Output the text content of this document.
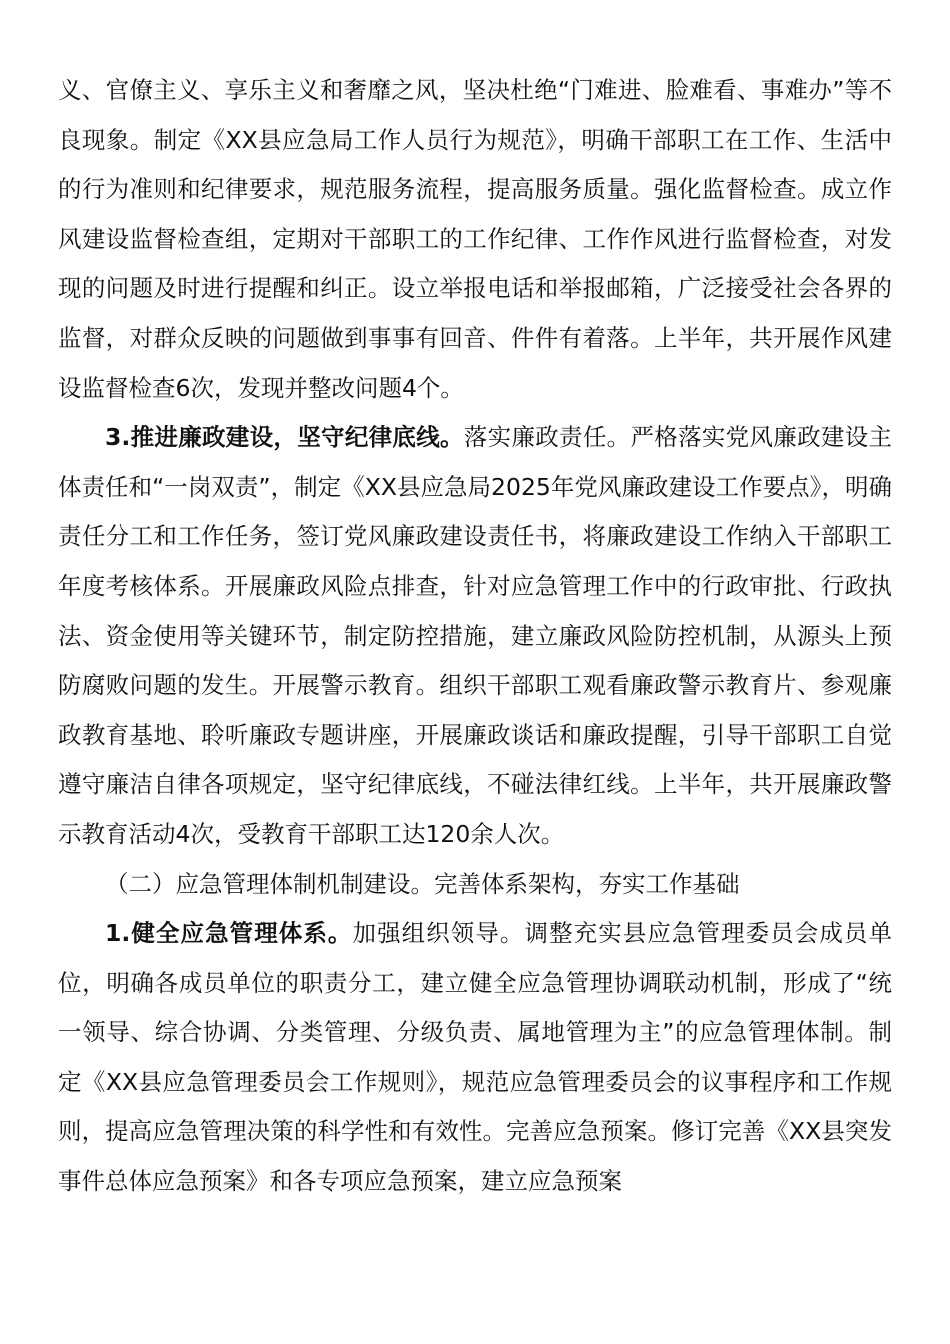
义、官僚主义、享乐主义和奢靡之风，坚决杜绝“门难进、脸难看、事难办”等不良现象。制定《XX县应急局工作人员行为规范》，明确干部职工在工作、生活中的行为准则和纪律要求，规范服务流程，提高服务质量。强化监督检查。成立作风建设监督检查组，定期对干部职工的工作纪律、工作作风进行监督检查，对发现的问题及时进行提醒和纠正。设立举报电话和举报邮箱，广泛接受社会各界的监督，对群众反映的问题做到事事有回音、件件有着落。上半年，共开展作风建设监督检查6次，发现并整改问题4个。

3.推进廉政建设，坚守纪律底线。落实廉政责任。严格落实党风廉政建设主体责任和“一岗双责”，制定《XX县应急局2025年党风廉政建设工作要点》，明确责任分工和工作任务，签订党风廉政建设责任书，将廉政建设工作纳入干部职工年度考核体系。开展廉政风险点排查，针对应急管理工作中的行政审批、行政执法、资金使用等关键环节，制定防控措施，建立廉政风险防控机制，从源头上预防腐败问题的发生。开展警示教育。组织干部职工观看廉政警示教育片、参观廉政教育基地、聆听廉政专题讲座，开展廉政谈话和廉政提醒，引导干部职工自觉遵守廉洁自律各项规定，坚守纪律底线，不碰法律红线。上半年，共开展廉政警示教育活动4次，受教育干部职工达120余人次。

（二）应急管理体制机制建设。完善体系架构，夯实工作基础

1.健全应急管理体系。加强组织领导。调整充实县应急管理委员会成员单位，明确各成员单位的职责分工，建立健全应急管理协调联动机制，形成了“统一领导、综合协调、分类管理、分级负责、属地管理为主”的应急管理体制。制定《XX县应急管理委员会工作规则》，规范应急管理委员会的议事程序和工作规则，提高应急管理决策的科学性和有效性。完善应急预案。修订完善《XX县突发事件总体应急预案》和各专项应急预案，建立应急预案
